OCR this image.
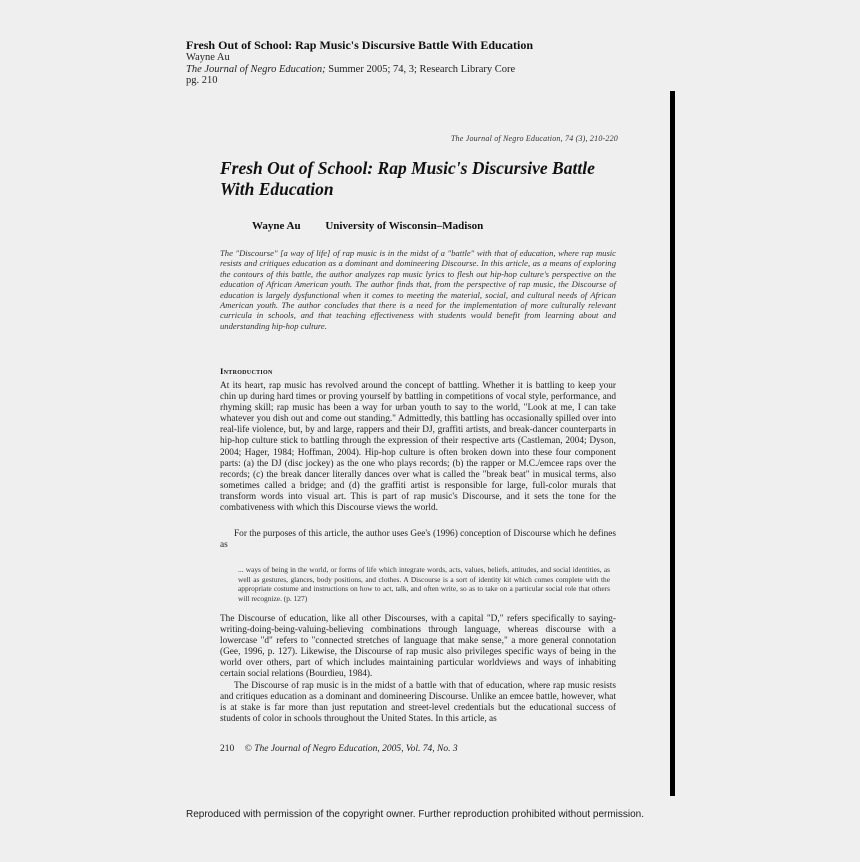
Fresh Out of School: Rap Music's Discursive Battle With Education
Wayne Au
The Journal of Negro Education; Summer 2005; 74, 3; Research Library Core
pg. 210
The Journal of Negro Education, 74 (3), 210-220
Fresh Out of School: Rap Music's Discursive Battle With Education
Wayne Au University of Wisconsin–Madison
The "Discourse" [a way of life] of rap music is in the midst of a "battle" with that of education, where rap music resists and critiques education as a dominant and domineering Discourse. In this article, as a means of exploring the contours of this battle, the author analyzes rap music lyrics to flesh out hip-hop culture's perspective on the education of African American youth. The author finds that, from the perspective of rap music, the Discourse of education is largely dysfunctional when it comes to meeting the material, social, and cultural needs of African American youth. The author concludes that there is a need for the implementation of more culturally relevant curricula in schools, and that teaching effectiveness with students would benefit from learning about and understanding hip-hop culture.
Introduction

At its heart, rap music has revolved around the concept of battling. Whether it is battling to keep your chin up during hard times or proving yourself by battling in competitions of vocal style, performance, and rhyming skill; rap music has been a way for urban youth to say to the world, "Look at me, I can take whatever you dish out and come out standing." Admittedly, this battling has occasionally spilled over into real-life violence, but, by and large, rappers and their DJ, graffiti artists, and break-dancer counterparts in hip-hop culture stick to battling through the expression of their respective arts (Castleman, 2004; Dyson, 2004; Hager, 1984; Hoffman, 2004). Hip-hop culture is often broken down into these four component parts: (a) the DJ (disc jockey) as the one who plays records; (b) the rapper or M.C./emcee raps over the records; (c) the break dancer literally dances over what is called the "break beat" in musical terms, also sometimes called a bridge; and (d) the graffiti artist is responsible for large, full-color murals that transform words into visual art. This is part of rap music's Discourse, and it sets the tone for the combativeness with which this Discourse views the world.

For the purposes of this article, the author uses Gee's (1996) conception of Discourse which he defines as

... ways of being in the world, or forms of life which integrate words, acts, values, beliefs, attitudes, and social identities, as well as gestures, glances, body positions, and clothes. A Discourse is a sort of identity kit which comes complete with the appropriate costume and instructions on how to act, talk, and often write, so as to take on a particular social role that others will recognize. (p. 127)

The Discourse of education, like all other Discourses, with a capital "D," refers specifically to saying-writing-doing-being-valuing-believing combinations through language, whereas discourse with a lowercase "d" refers to "connected stretches of language that make sense," a more general connotation (Gee, 1996, p. 127). Likewise, the Discourse of rap music also privileges specific ways of being in the world over others, part of which includes maintaining particular worldviews and ways of inhabiting certain social relations (Bourdieu, 1984).

The Discourse of rap music is in the midst of a battle with that of education, where rap music resists and critiques education as a dominant and domineering Discourse. Unlike an emcee battle, however, what is at stake is far more than just reputation and street-level credentials but the educational success of students of color in schools throughout the United States. In this article, as

210 © The Journal of Negro Education, 2005, Vol. 74, No. 3
Reproduced with permission of the copyright owner. Further reproduction prohibited without permission.
